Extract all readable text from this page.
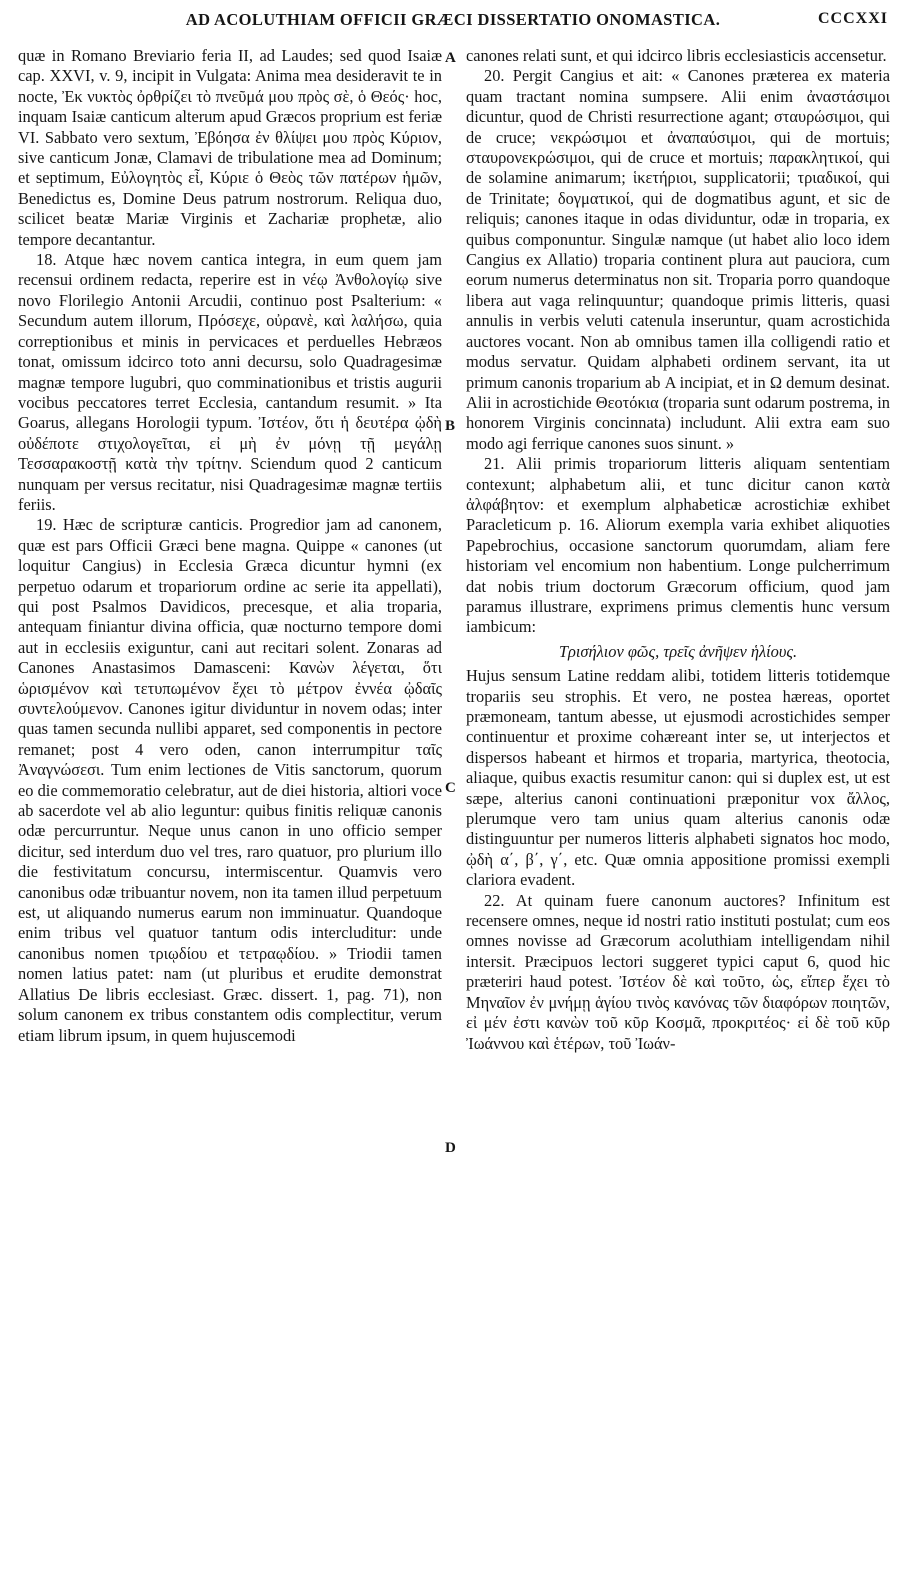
AD ACOLUTHIAM OFFICII GRÆCI DISSERTATIO ONOMASTICA.	CCCXXI

quæ in Romano Breviario feria II, ad Laudes; sed quod Isaiæ cap. XXVI, v. 9, incipit in Vulgata: Anima mea desideravit te in nocte, Ἐκ νυκτὸς ὀρθρίζει τὸ πνεῦμά μου πρὸς σὲ, ὁ Θεός· hoc, inquam Isaiæ canticum alterum apud Græcos proprium est feriæ VI. Sabbato vero sextum, Ἐβόησα ἐν θλίψει μου πρὸς Κύριον, sive canticum Jonæ, Clamavi de tribulatione mea ad Dominum; et septimum, Εὐλογητὸς εἶ, Κύριε ὁ Θεὸς τῶν πατέρων ἡμῶν, Benedictus es, Domine Deus patrum nostrorum. Reliqua duo, scilicet beatæ Mariæ Virginis et Zachariæ prophetæ, alio tempore decantantur.

18. Atque hæc novem cantica integra, in eum quem jam recensui ordinem redacta, reperire est in νέῳ Ἀνθολογίῳ sive novo Florilegio Antonii Arcudii, continuo post Psalterium: « Secundum autem illorum, Πρόσεχε, οὐρανὲ, καὶ λαλήσω, quia correptionibus et minis in pervicaces et perduelles Hebræos tonat, omissum idcirco toto anni decursu, solo Quadragesimæ magnæ tempore lugubri, quo comminationibus et tristis augurii vocibus peccatores terret Ecclesia, cantandum resumit. » Ita Goarus, allegans Horologii typum. Ἰστέον, ὅτι ἡ δευτέρα ᾠδὴ οὐδέποτε στιχολογεῖται, εἰ μὴ ἐν μόνῃ τῇ μεγάλῃ Τεσσαρακοστῇ κατὰ τὴν τρίτην. Sciendum quod 2 canticum nunquam per versus recitatur, nisi Quadragesimæ magnæ tertiis feriis.

19. Hæc de scripturæ canticis. Progredior jam ad canonem, quæ est pars Officii Græci bene magna. Quippe « canones (ut loquitur Cangius) in Ecclesia Græca dicuntur hymni (ex perpetuo odarum et tropariorum ordine ac serie ita appellati), qui post Psalmos Davidicos, precesque, et alia troparia, antequam finiantur divina officia, quæ nocturno tempore domi aut in ecclesiis exiguntur, cani aut recitari solent. Zonaras ad Canones Anastasimos Damasceni: Κανὼν λέγεται, ὅτι ὡρισμένον καὶ τετυπωμένον ἔχει τὸ μέτρον ἐννέα ᾠδαῖς συντελούμενον. Canones igitur dividuntur in novem odas; inter quas tamen secunda nullibi apparet, sed componentis in pectore remanet; post 4 vero oden, canon interrumpitur ταῖς Ἀναγνώσεσι. Tum enim lectiones de Vitis sanctorum, quorum eo die commemoratio celebratur, aut de diei historia, altiori voce ab sacerdote vel ab alio leguntur: quibus finitis reliquæ canonis odæ percurruntur. Neque unus canon in uno officio semper dicitur, sed interdum duo vel tres, raro quatuor, pro plurium illo die festivitatum concursu, intermiscentur. Quamvis vero canonibus odæ tribuantur novem, non ita tamen illud perpetuum est, ut aliquando numerus earum non imminuatur. Quandoque enim tribus vel quatuor tantum odis intercluditur: unde canonibus nomen τριῳδίου et τετραῳδίου. » Triodii tamen nomen latius patet: nam (ut pluribus et erudite demonstrat Allatius De libris ecclesiast. Græc. dissert. 1, pag. 71), non solum canonem ex tribus constantem odis complectitur, verum etiam librum ipsum, in quem hujuscemodi

A
B
C
D

canones relati sunt, et qui idcirco libris ecclesiasticis accensetur.

20. Pergit Cangius et ait: « Canones præterea ex materia quam tractant nomina sumpsere. Alii enim ἀναστάσιμοι dicuntur, quod de Christi resurrectione agant; σταυρώσιμοι, qui de cruce; νεκρώσιμοι et ἀναπαύσιμοι, qui de mortuis; σταυρονεκρώσιμοι, qui de cruce et mortuis; παρακλητικοί, qui de solamine animarum; ἱκετήριοι, supplicatorii; τριαδικοί, qui de Trinitate; δογματικοί, qui de dogmatibus agunt, et sic de reliquis; canones itaque in odas dividuntur, odæ in troparia, ex quibus componuntur. Singulæ namque (ut habet alio loco idem Cangius ex Allatio) troparia continent plura aut pauciora, cum eorum numerus determinatus non sit. Troparia porro quandoque libera aut vaga relinquuntur; quandoque primis litteris, quasi annulis in verbis veluti catenula inseruntur, quam acrostichida auctores vocant. Non ab omnibus tamen illa colligendi ratio et modus servatur. Quidam alphabeti ordinem servant, ita ut primum canonis troparium ab Α incipiat, et in Ω demum desinat. Alii in acrostichide Θεοτόκια (troparia sunt odarum postrema, in honorem Virginis concinnata) includunt. Alii extra eam suo modo agi ferrique canones suos sinunt. »

21. Alii primis tropariorum litteris aliquam sententiam contexunt; alphabetum alii, et tunc dicitur canon κατὰ ἀλφάβητον: et exemplum alphabeticæ acrostichiæ exhibet Paracleticum p. 16. Aliorum exempla varia exhibet aliquoties Papebrochius, occasione sanctorum quorumdam, aliam fere historiam vel encomium non habentium. Longe pulcherrimum dat nobis trium doctorum Græcorum officium, quod jam paramus illustrare, exprimens primus clementis hunc versum iambicum:

Τρισήλιον φῶς, τρεῖς ἀνῆψεν ἡλίους.

Hujus sensum Latine reddam alibi, totidem litteris totidemque tropariis seu strophis. Et vero, ne postea hæreas, oportet præmoneam, tantum abesse, ut ejusmodi acrostichides semper continuentur et proxime cohæreant inter se, ut interjectos et dispersos habeant et hirmos et troparia, martyrica, theotocia, aliaque, quibus exactis resumitur canon: qui si duplex est, ut est sæpe, alterius canoni continuationi præponitur vox ἄλλος, plerumque vero tam unius quam alterius canonis odæ distinguuntur per numeros litteris alphabeti signatos hoc modo, ᾠδὴ α΄, β΄, γ΄, etc. Quæ omnia appositione promissi exempli clariora evadent.

22. At quinam fuere canonum auctores? Infinitum est recensere omnes, neque id nostri ratio instituti postulat; cum eos omnes novisse ad Græcorum acoluthiam intelligendam nihil intersit. Præcipuos lectori suggeret typici caput 6, quod hic præteriri haud potest. Ἰστέον δὲ καὶ τοῦτο, ὡς, εἴπερ ἔχει τὸ Μηναῖον ἐν μνήμῃ ἁγίου τινὸς κανόνας τῶν διαφόρων ποιητῶν, εἰ μέν ἐστι κανὼν τοῦ κῦρ Κοσμᾶ, προκριτέος· εἰ δὲ τοῦ κῦρ Ἰωάννου καὶ ἑτέρων, τοῦ Ἰωάν-
